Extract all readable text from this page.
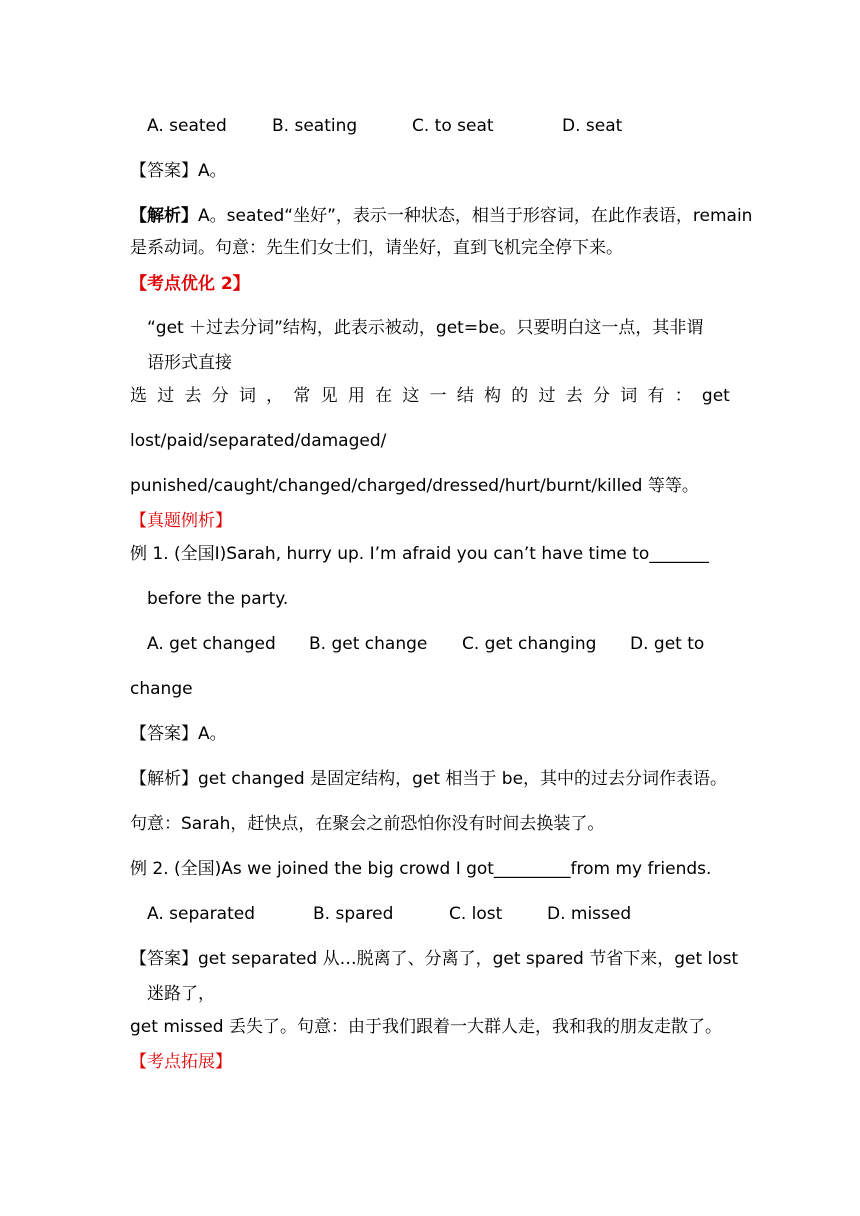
A. seated	B. seating	C. to seat	D. seat
【答案】A。
【解析】A。seated“坐好”，表示一种状态，相当于形容词，在此作表语，remain
是系动词。句意：先生们女士们，请坐好，直到飞机完全停下来。
【考点优化 2】
“get ＋过去分词”结构，此表示被动，get=be。只要明白这一点，其非谓
语形式直接
选 过 去 分 词 ， 常 见 用 在 这 一 结 构 的 过 去 分 词 有 ： get
lost/paid/separated/damaged/
punished/caught/changed/charged/dressed/hurt/burnt/killed 等等。
【真题例析】
例 1. (全国I)Sarah, hurry up. I’m afraid you can’t have time to_______
before the party.
A. get changed B. get change C. get changing D. get to
change
【答案】A。
【解析】get changed 是固定结构，get 相当于 be，其中的过去分词作表语。
句意：Sarah，赶快点，在聚会之前恐怕你没有时间去换装了。
例 2. (全国)As we joined the big crowd I got_________from my friends.
A. separated	B. spared	C. lost	D. missed
【答案】get separated 从…脱离了、分离了，get spared 节省下来，get lost
迷路了，
get missed 丢失了。句意：由于我们跟着一大群人走，我和我的朋友走散了。
【考点拓展】
